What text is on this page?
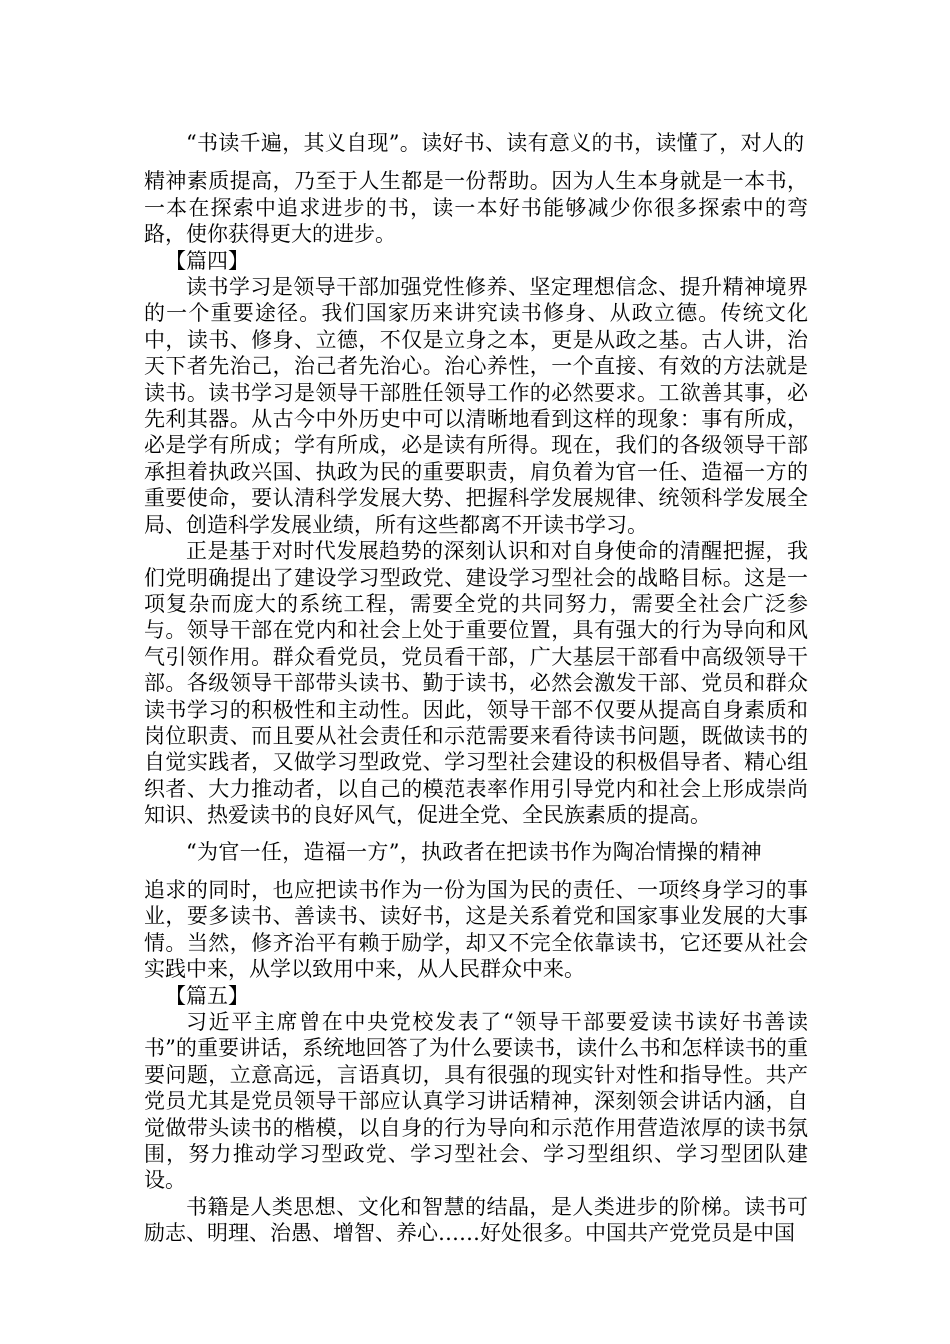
“书读千遍，其义自现”。读好书、读有意义的书，读懂了，对人的

精神素质提高，乃至于人生都是一份帮助。因为人生本身就是一本书，一本在探索中追求进步的书，读一本好书能够减少你很多探索中的弯路，使你获得更大的进步。

【篇四】

读书学习是领导干部加强党性修养、坚定理想信念、提升精神境界的一个重要途径。我们国家历来讲究读书修身、从政立德。传统文化中，读书、修身、立德，不仅是立身之本，更是从政之基。古人讲，治天下者先治己，治己者先治心。治心养性，一个直接、有效的方法就是读书。读书学习是领导干部胜任领导工作的必然要求。工欲善其事，必先利其器。从古今中外历史中可以清晰地看到这样的现象：事有所成，必是学有所成；学有所成，必是读有所得。现在，我们的各级领导干部承担着执政兴国、执政为民的重要职责，肩负着为官一任、造福一方的重要使命，要认清科学发展大势、把握科学发展规律、统领科学发展全局、创造科学发展业绩，所有这些都离不开读书学习。

正是基于对时代发展趋势的深刻认识和对自身使命的清醒把握，我们党明确提出了建设学习型政党、建设学习型社会的战略目标。这是一项复杂而庞大的系统工程，需要全党的共同努力，需要全社会广泛参与。领导干部在党内和社会上处于重要位置，具有强大的行为导向和风气引领作用。群众看党员，党员看干部，广大基层干部看中高级领导干部。各级领导干部带头读书、勤于读书，必然会激发干部、党员和群众读书学习的积极性和主动性。因此，领导干部不仅要从提高自身素质和岗位职责、而且要从社会责任和示范需要来看待读书问题，既做读书的自觉实践者，又做学习型政党、学习型社会建设的积极倡导者、精心组织者、大力推动者，以自己的模范表率作用引导党内和社会上形成崇尚知识、热爱读书的良好风气，促进全党、全民族素质的提高。

“为官一任，造福一方”，执政者在把读书作为陶冶情操的精神

追求的同时，也应把读书作为一份为国为民的责任、一项终身学习的事业，要多读书、善读书、读好书，这是关系着党和国家事业发展的大事情。当然，修齐治平有赖于励学，却又不完全依靠读书，它还要从社会实践中来，从学以致用中来，从人民群众中来。

【篇五】

习近平主席曾在中央党校发表了“领导干部要爱读书读好书善读书”的重要讲话，系统地回答了为什么要读书，读什么书和怎样读书的重要问题，立意高远，言语真切，具有很强的现实针对性和指导性。共产党员尤其是党员领导干部应认真学习讲话精神，深刻领会讲话内涵，自觉做带头读书的楷模，以自身的行为导向和示范作用营造浓厚的读书氛围，努力推动学习型政党、学习型社会、学习型组织、学习型团队建设。

书籍是人类思想、文化和智慧的结晶，是人类进步的阶梯。读书可励志、明理、治愚、增智、养心……好处很多。中国共产党党员是中国
